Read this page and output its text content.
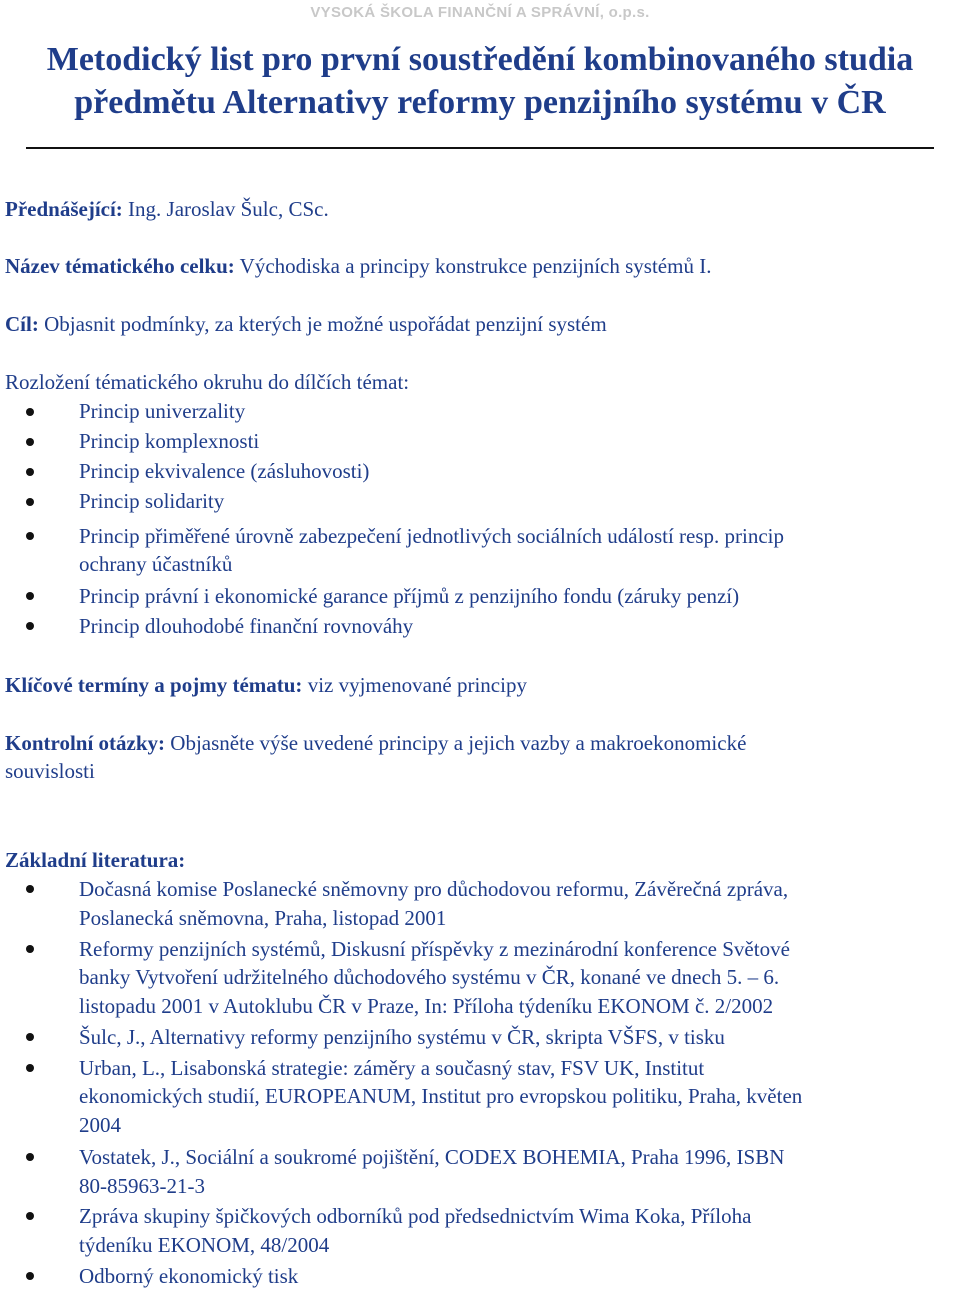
VYSOKÁ ŠKOLA FINANČNÍ A SPRÁVNÍ, o.p.s.
Metodický list pro první soustředění kombinovaného studia
předmětu Alternativy reformy penzijního systému v ČR
Přednášející: Ing. Jaroslav Šulc, CSc.
Název tématického celku: Východiska a principy konstrukce penzijních systémů I.
Cíl: Objasnit podmínky, za kterých je možné uspořádat penzijní systém
Rozložení tématického okruhu do dílčích témat:
Princip univerzality
Princip komplexnosti
Princip ekvivalence (zásluhovosti)
Princip solidarity
Princip přiměřené úrovně zabezpečení jednotlivých sociálních událostí resp. princip
ochrany účastníků
Princip právní i ekonomické garance příjmů z penzijního fondu (záruky penzí)
Princip dlouhodobé finanční rovnováhy
Klíčové termíny a pojmy tématu: viz vyjmenované principy
Kontrolní otázky: Objasněte výše uvedené principy a jejich vazby a makroekonomické
souvislosti
Základní literatura:
Dočasná komise Poslanecké sněmovny pro důchodovou reformu, Závěrečná zpráva,
Poslanecká sněmovna, Praha, listopad 2001
Reformy penzijních systémů, Diskusní příspěvky z mezinárodní konference Světové
banky Vytvoření udržitelného důchodového systému v ČR, konané ve dnech 5. – 6.
listopadu 2001 v Autoklubu ČR v Praze, In: Příloha týdeníku EKONOM č. 2/2002
Šulc, J., Alternativy reformy penzijního systému v ČR, skripta VŠFS, v tisku
Urban, L., Lisabonská strategie: záměry a současný stav, FSV UK, Institut
ekonomických studií, EUROPEANUM, Institut pro evropskou politiku, Praha, květen
2004
Vostatek, J., Sociální a soukromé pojištění, CODEX BOHEMIA, Praha 1996, ISBN
80-85963-21-3
Zpráva skupiny špičkových odborníků pod předsednictvím Wima Koka, Příloha
týdeníku EKONOM, 48/2004
Odborný ekonomický tisk
